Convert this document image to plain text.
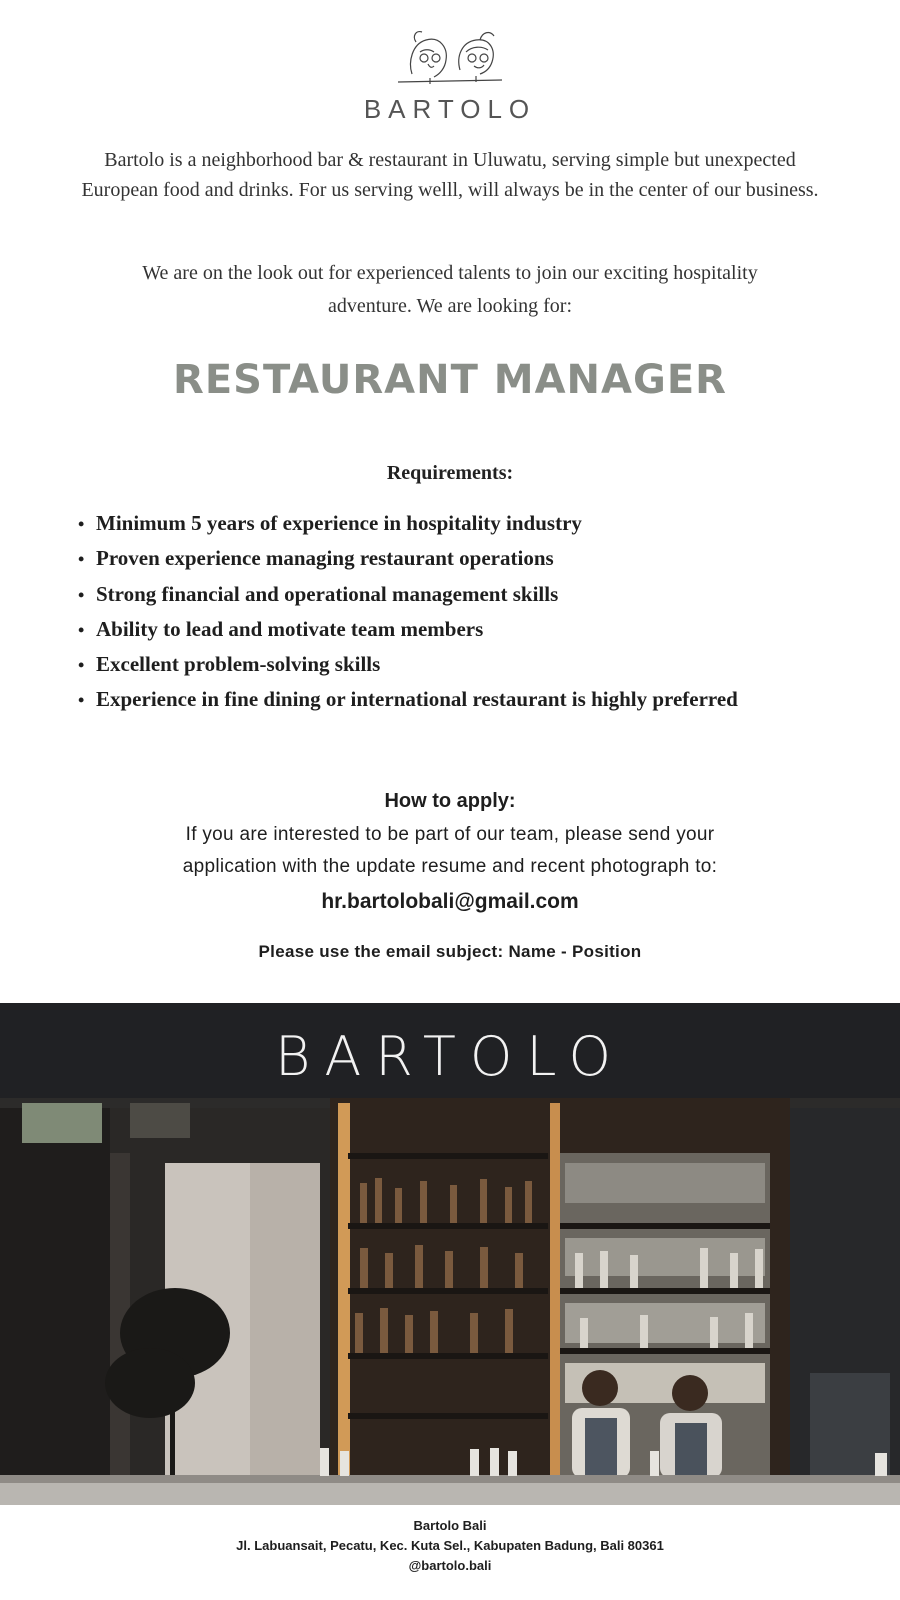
BARTOLO
Bartolo is a neighborhood bar & restaurant in Uluwatu, serving simple but unexpected European food and drinks. For us serving welll, will always be in the center of our business.
We are on the look out for experienced talents to join our exciting hospitality adventure. We are looking for:
RESTAURANT MANAGER
Requirements:
• Minimum 5 years of experience in hospitality industry
• Proven experience managing restaurant operations
• Strong financial and operational management skills
• Ability to lead and motivate team members
• Excellent problem-solving skills
• Experience in fine dining or international restaurant is highly preferred
How to apply:
If you are interested to be part of our team, please send your
application with the update resume and recent photograph to:
hr.bartolobali@gmail.com
Please use the email subject: Name - Position
BARTOLO
Bartolo Bali
Jl. Labuansait, Pecatu, Kec. Kuta Sel., Kabupaten Badung, Bali 80361
@bartolo.bali
